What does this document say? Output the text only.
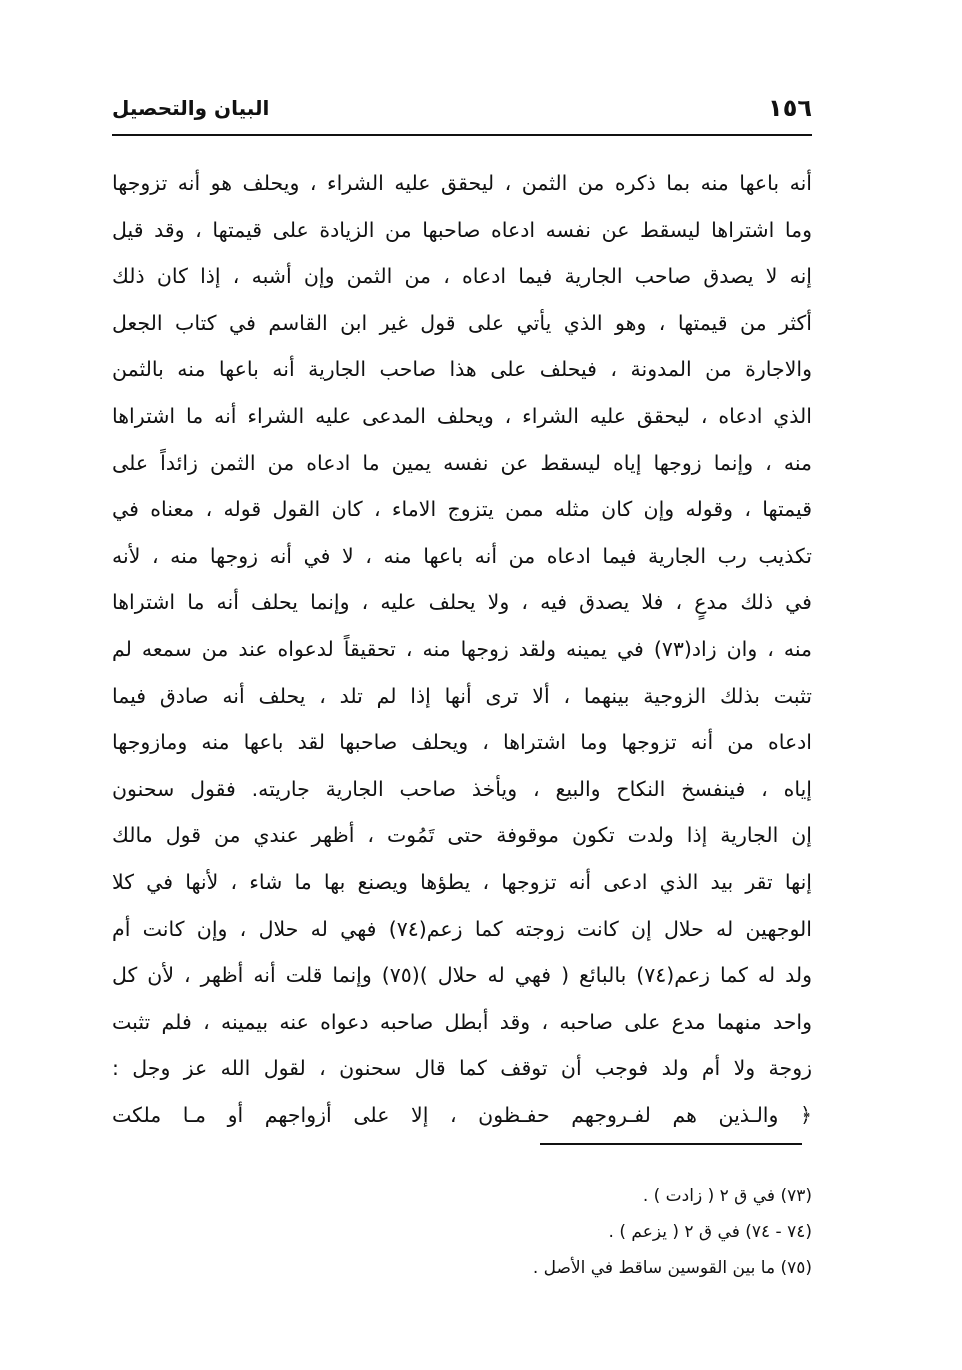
١٥٦
البيان والتحصيل
أنه باعها منه بما ذكره من الثمن ، ليحقق عليه الشراء ، ويحلف هو أنه تزوجها
وما اشتراها ليسقط عن نفسه ادعاه صاحبها من الزيادة على قيمتها ، وقد قيل
إنه لا يصدق صاحب الجارية فيما ادعاه ، من الثمن وإن أشبه ، إذا كان ذلك
أكثر من قيمتها ، وهو الذي يأتي على قول غير ابن القاسم في كتاب الجعل
والاجارة من المدونة ، فيحلف على هذا صاحب الجارية أنه باعها منه بالثمن
الذي ادعاه ، ليحقق عليه الشراء ، ويحلف المدعى عليه الشراء أنه ما اشتراها
منه ، وإنما زوجها إياه ليسقط عن نفسه يمين ما ادعاه من الثمن زائداً على
قيمتها ، وقوله وإن كان مثله ممن يتزوج الاماء ، كان القول قوله ، معناه في
تكذيب رب الجارية فيما ادعاه من أنه باعها منه ، لا في أنه زوجها منه ، لأنه
في ذلك مدعٍ ، فلا يصدق فيه ، ولا يحلف عليه ، وإنما يحلف أنه ما اشتراها
منه ، وان زاد(٧٣) في يمينه ولقد زوجها منه ، تحقيقاً لدعواه عند من سمعه لم
تثبت بذلك الزوجية بينهما ، ألا ترى أنها إذا لم تلد ، يحلف أنه صادق فيما
ادعاه من أنه تزوجها وما اشتراها ، ويحلف صاحبها لقد باعها منه ومازوجها
إياه ، فينفسخ النكاح والبيع ، ويأخذ صاحب الجارية جاريته. فقول سحنون
إن الجارية إذا ولدت تكون موقوفة حتى تَمُوت ، أظهر عندي من قول مالك
إنها تقر بيد الذي ادعى أنه تزوجها ، يطؤها ويصنع بها ما شاء ، لأنها في كلا
الوجهين له حلال إن كانت زوجته كما زعم(٧٤) فهي له حلال ، وإن كانت أم
ولد له كما زعم(٧٤) بالبائع ( فهي له حلال )(٧٥) وإنما قلت أنه أظهر ، لأن كل
واحد منهما مدع على صاحبه ، وقد أبطل صاحبه دعواه عنه بيمينه ، فلم تثبت
زوجة ولا أم ولد فوجب أن توقف كما قال سحنون ، لقول الله عز وجل :
﴿ والـذين هم لفـروجهم حفـظون ، إلا على أزواجهم أو مـا ملكت
(٧٣) في ق ٢ ( زادت ) .
(٧٤ - ٧٤) في ق ٢ ( يزعم ) .
(٧٥) ما بين القوسين ساقط في الأصل .
